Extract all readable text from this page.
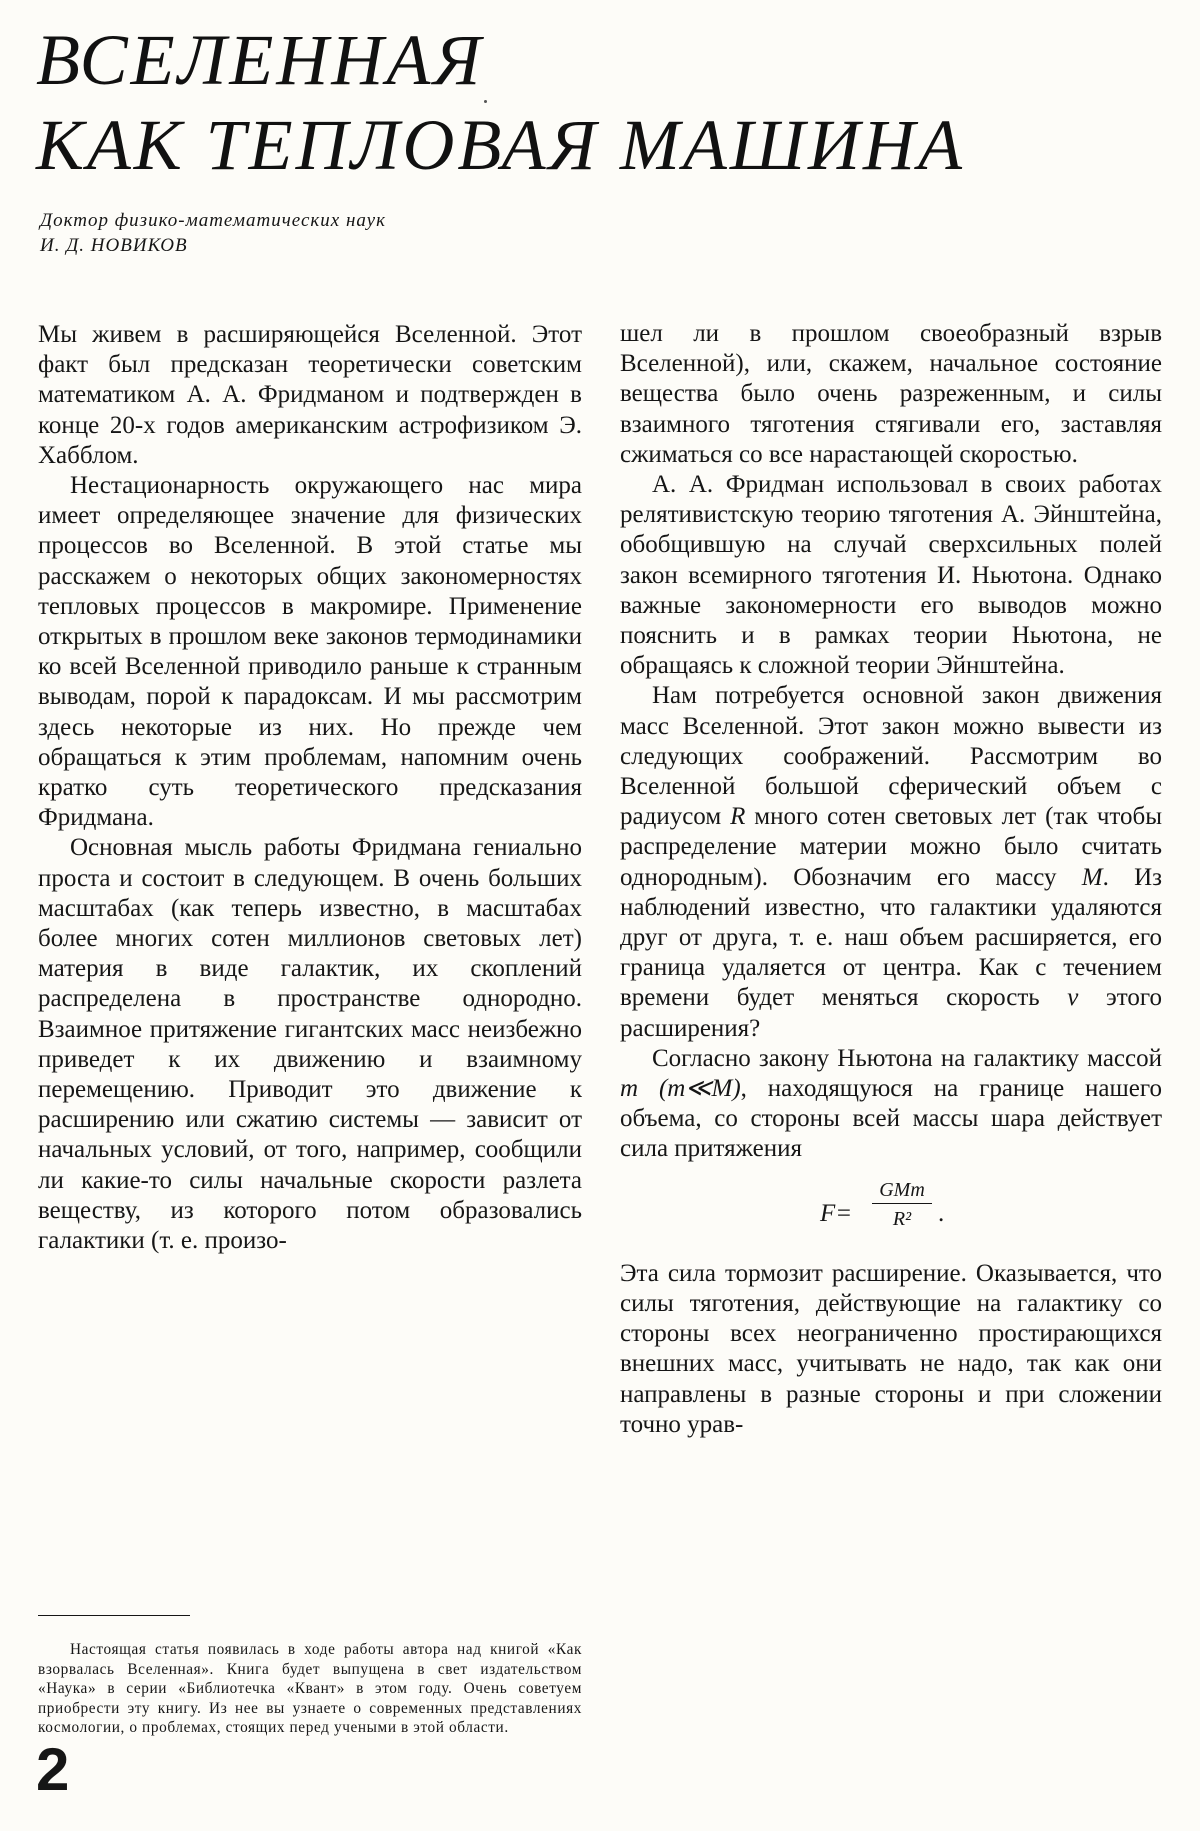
ВСЕЛЕННАЯ
КАК ТЕПЛОВАЯ МАШИНА
Доктор физико-математических наук
И. Д. НОВИКОВ

Мы живем в расширяющейся Вселенной. Этот факт был предсказан теоретически советским математиком А. А. Фридманом и подтвержден в конце 20-х годов американским астрофизиком Э. Хабблом.

Нестационарность окружающего нас мира имеет определяющее значение для физических процессов во Вселенной. В этой статье мы расскажем о некоторых общих закономерностях тепловых процессов в макромире. Применение открытых в прошлом веке законов термодинамики ко всей Вселенной приводило раньше к странным выводам, порой к парадоксам. И мы рассмотрим здесь некоторые из них. Но прежде чем обращаться к этим проблемам, напомним очень кратко суть теоретического предсказания Фридмана.

Основная мысль работы Фридмана гениально проста и состоит в следующем. В очень больших масштабах (как теперь известно, в масштабах более многих сотен миллионов световых лет) материя в виде галактик, их скоплений распределена в пространстве однородно. Взаимное притяжение гигантских масс неизбежно приведет к их движению и взаимному перемещению. Приводит это движение к расширению или сжатию системы — зависит от начальных условий, от того, например, сообщили ли какие-то силы начальные скорости разлета веществу, из которого потом образовались галактики (т. е. произо-

шел ли в прошлом своеобразный взрыв Вселенной), или, скажем, начальное состояние вещества было очень разреженным, и силы взаимного тяготения стягивали его, заставляя сжиматься со все нарастающей скоростью.

А. А. Фридман использовал в своих работах релятивистскую теорию тяготения А. Эйнштейна, обобщившую на случай сверхсильных полей закон всемирного тяготения И. Ньютона. Однако важные закономерности его выводов можно пояснить и в рамках теории Ньютона, не обращаясь к сложной теории Эйнштейна.

Нам потребуется основной закон движения масс Вселенной. Этот закон можно вывести из следующих соображений. Рассмотрим во Вселенной большой сферический объем с радиусом R много сотен световых лет (так чтобы распределение материи можно было считать однородным). Обозначим его массу M. Из наблюдений известно, что галактики удаляются друг от друга, т. е. наш объем расширяется, его граница удаляется от центра. Как с течением времени будет меняться скорость v этого расширения?

Согласно закону Ньютона на галактику массой m (m≪M), находящуюся на границе нашего объема, со стороны всей массы шара действует сила притяжения

F=
GMm
R²	.

Эта сила тормозит расширение. Оказывается, что силы тяготения, действующие на галактику со стороны всех неограниченно простирающихся внешних масс, учитывать не надо, так как они направлены в разные стороны и при сложении точно урав-

Настоящая статья появилась в ходе работы автора над книгой «Как взорвалась Вселенная». Книга будет выпущена в свет издательством «Наука» в серии «Библиотечка «Квант» в этом году. Очень советуем приобрести эту книгу. Из нее вы узнаете о современных представлениях космологии, о проблемах, стоящих перед учеными в этой области.
2
